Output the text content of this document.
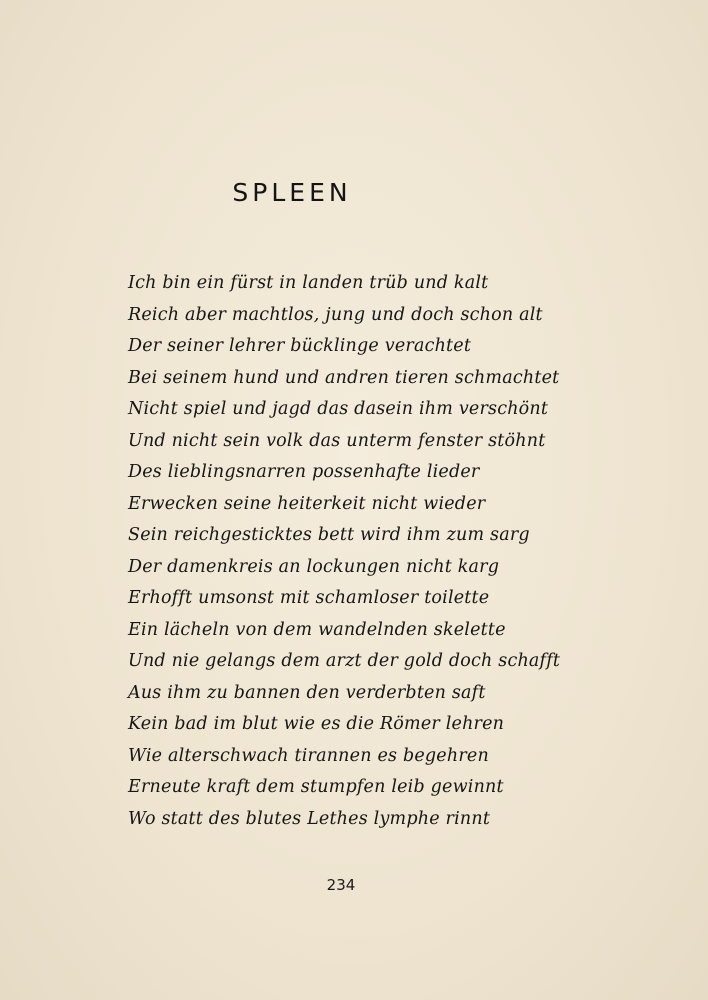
SPLEEN
Ich bin ein fürst in landen trüb und kalt
Reich aber machtlos, jung und doch schon alt
Der seiner lehrer bücklinge verachtet
Bei seinem hund und andren tieren schmachtet
Nicht spiel und jagd das dasein ihm verschönt
Und nicht sein volk das unterm fenster stöhnt
Des lieblingsnarren possenhafte lieder
Erwecken seine heiterkeit nicht wieder
Sein reichgesticktes bett wird ihm zum sarg
Der damenkreis an lockungen nicht karg
Erhofft umsonst mit schamloser toilette
Ein lächeln von dem wandelnden skelette
Und nie gelangs dem arzt der gold doch schafft
Aus ihm zu bannen den verderbten saft
Kein bad im blut wie es die Römer lehren
Wie alterschwach tirannen es begehren
Erneute kraft dem stumpfen leib gewinnt
Wo statt des blutes Lethes lymphe rinnt
234
